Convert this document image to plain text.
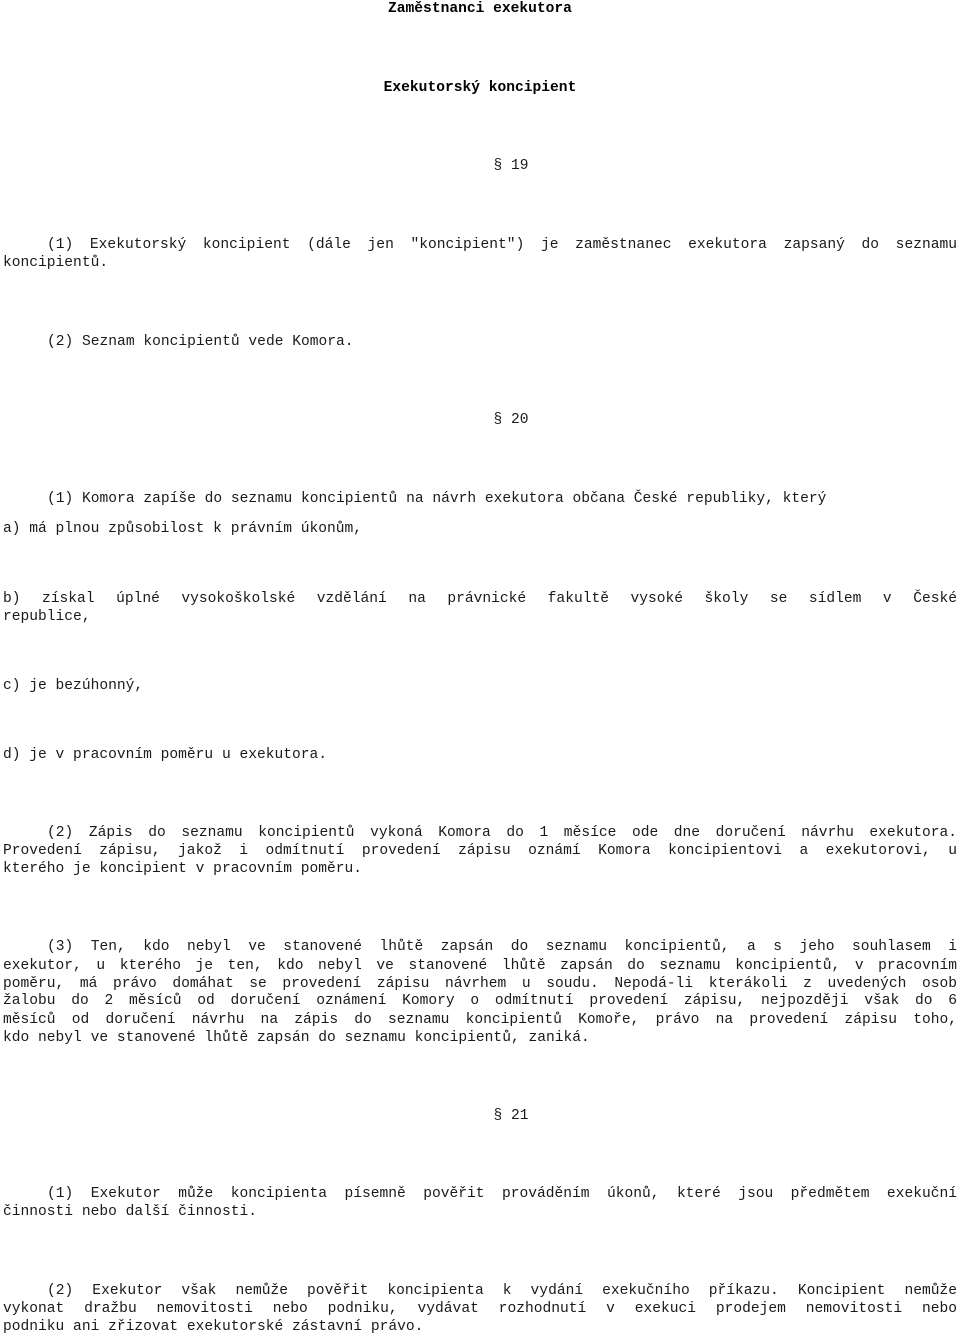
Zaměstnanci exekutora
Exekutorský koncipient
§ 19
(1) Exekutorský koncipient (dále jen "koncipient") je zaměstnanec exekutora zapsaný do seznamu
koncipientů.
(2) Seznam koncipientů vede Komora.
§ 20
(1) Komora zapíše do seznamu koncipientů na návrh exekutora občana České republiky, který
a) má plnou způsobilost k právním úkonům,
b) získal úplné vysokoškolské vzdělání na právnické fakultě vysoké školy se sídlem v České
republice,
c) je bezúhonný,
d) je v pracovním poměru u exekutora.
(2) Zápis do seznamu koncipientů vykoná Komora do 1 měsíce ode dne doručení návrhu exekutora.
Provedení zápisu, jakož i odmítnutí provedení zápisu oznámí Komora koncipientovi a exekutorovi, u
kterého je koncipient v pracovním poměru.
(3) Ten, kdo nebyl ve stanovené lhůtě zapsán do seznamu koncipientů, a s jeho souhlasem i
exekutor, u kterého je ten, kdo nebyl ve stanovené lhůtě zapsán do seznamu koncipientů, v pracovním
poměru, má právo domáhat se provedení zápisu návrhem u soudu. Nepodá-li kterákoli z uvedených osob
žalobu do 2 měsíců od doručení oznámení Komory o odmítnutí provedení zápisu, nejpozději však do 6
měsíců od doručení návrhu na zápis do seznamu koncipientů Komoře, právo na provedení zápisu toho,
kdo nebyl ve stanovené lhůtě zapsán do seznamu koncipientů, zaniká.
§ 21
(1) Exekutor může koncipienta písemně pověřit prováděním úkonů, které jsou předmětem exekuční
činnosti nebo další činnosti.
(2) Exekutor však nemůže pověřit koncipienta k vydání exekučního příkazu. Koncipient nemůže
vykonat dražbu nemovitosti nebo podniku, vydávat rozhodnutí v exekuci prodejem nemovitosti nebo
podniku ani zřizovat exekutorské zástavní právo.
